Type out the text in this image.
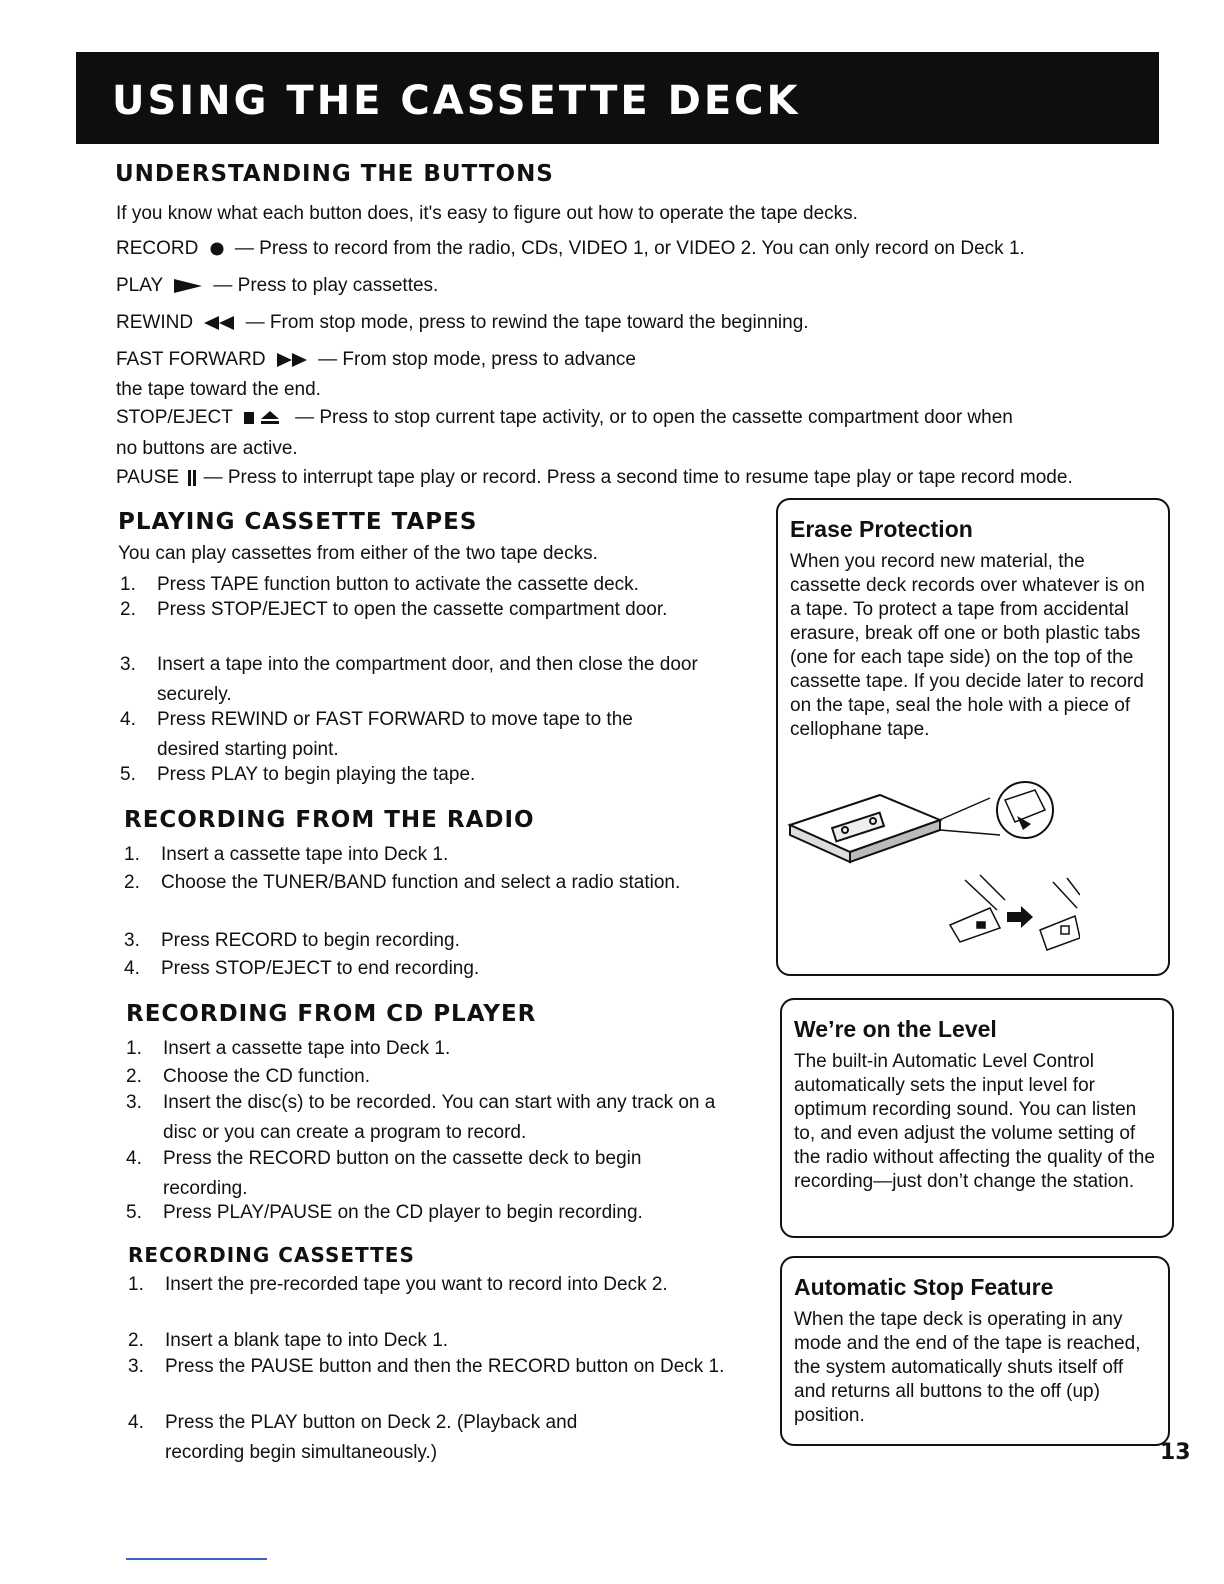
USING THE CASSETTE DECK
UNDERSTANDING THE BUTTONS
If you know what each button does, it's easy to figure out how to operate the tape decks.
RECORD — Press to record from the radio, CDs, VIDEO 1, or VIDEO 2. You can only record on Deck 1.
PLAY	— Press to play cassettes.
REWIND	— From stop mode, press to rewind the tape toward the beginning.
FAST FORWARD	— From stop mode, press to advance
the tape toward the end.
STOP/EJECT	— Press to stop current tape activity, or to open the cassette compartment door when
no buttons are active.
PAUSE — Press to interrupt tape play or record. Press a second time to resume tape play or tape record mode.
PLAYING CASSETTE TAPES
You can play cassettes from either of the two tape decks.
1. Press TAPE function button to activate the cassette deck.
2. Press STOP/EJECT to open the cassette compartment door.
3. Insert a tape into the compartment door, and then close the door securely.
4. Press REWIND or FAST FORWARD to move tape to the desired starting point.
5. Press PLAY to begin playing the tape.
RECORDING FROM THE RADIO
1. Insert a cassette tape into Deck 1.
2. Choose the TUNER/BAND function and select a radio station.
3. Press RECORD to begin recording.
4. Press STOP/EJECT to end recording.
RECORDING FROM CD PLAYER
1. Insert a cassette tape into Deck 1.
2. Choose the CD function.
3. Insert the disc(s) to be recorded. You can start with any track on a disc or you can create a program to record.
4. Press the RECORD button on the cassette deck to begin recording.
5. Press PLAY/PAUSE on the CD player to begin recording.
RECORDING CASSETTES
1. Insert the pre-recorded tape you want to record into Deck 2.
2. Insert a blank tape to into Deck 1.
3. Press the PAUSE button and then the RECORD button on Deck 1.
4. Press the PLAY button on Deck 2. (Playback and recording begin simultaneously.)
Erase Protection
When you record new material, the cassette deck records over whatever is on a tape. To protect a tape from accidental erasure, break off one or both plastic tabs (one for each tape side) on the top of the cassette tape. If you decide later to record on the tape, seal the hole with a piece of cellophane tape.
We’re on the Level
The built-in Automatic Level Control automatically sets the input level for optimum recording sound. You can listen to, and even adjust the volume setting of the radio without affecting the quality of the recording—just don’t change the station.
Automatic Stop Feature
When the tape deck is operating in any mode and the end of the tape is reached, the system automatically shuts itself off and returns all buttons to the off (up) position.
13
